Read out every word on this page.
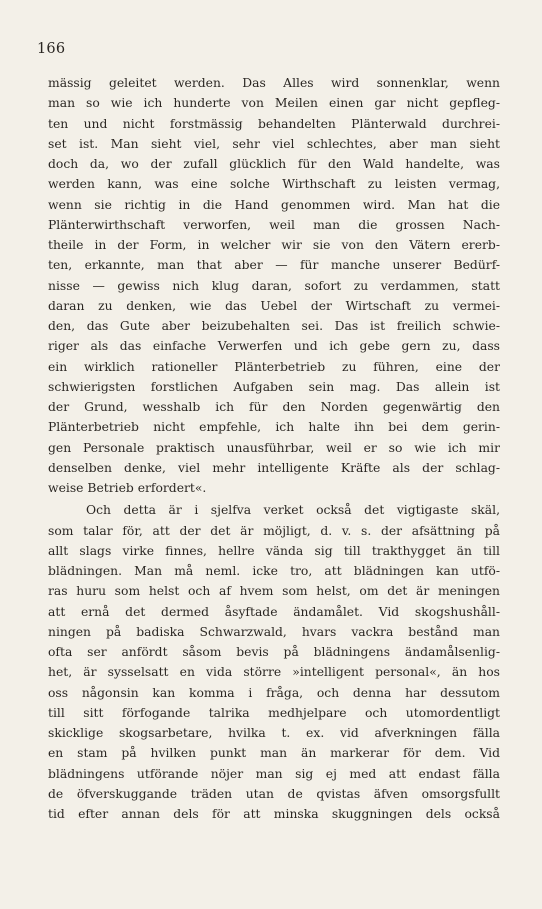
166
mässig geleitet werden. Das Alles wird sonnenklar, wenn
man so wie ich hunderte von Meilen einen gar nicht gepfleg-
ten und nicht forstmässig behandelten Plänterwald durchrei-
set ist. Man sieht viel, sehr viel schlechtes, aber man sieht
doch da, wo der zufall glücklich für den Wald handelte, was
werden kann, was eine solche Wirthschaft zu leisten vermag,
wenn sie richtig in die Hand genommen wird. Man hat die
Plänterwirthschaft verworfen, weil man die grossen Nach-
theile in der Form, in welcher wir sie von den Vätern ererb-
ten, erkannte, man that aber — für manche unserer Bedürf-
nisse — gewiss nich klug daran, sofort zu verdammen, statt
daran zu denken, wie das Uebel der Wirtschaft zu vermei-
den, das Gute aber beizubehalten sei. Das ist freilich schwie-
riger als das einfache Verwerfen und ich gebe gern zu, dass
ein wirklich rationeller Plänterbetrieb zu führen, eine der
schwierigsten forstlichen Aufgaben sein mag. Das allein ist
der Grund, wesshalb ich für den Norden gegenwärtig den
Plänterbetrieb nicht empfehle, ich halte ihn bei dem gerin-
gen Personale praktisch unausführbar, weil er so wie ich mir
denselben denke, viel mehr intelligente Kräfte als der schlag-
weise Betrieb erfordert«.
Och detta är i sjelfva verket också det vigtigaste skäl,
som talar för, att der det är möjligt, d. v. s. der afsättning på
allt slags virke finnes, hellre vända sig till trakthygget än till
blädningen. Man må neml. icke tro, att blädningen kan utfö-
ras huru som helst och af hvem som helst, om det är meningen
att ernå det dermed åsyftade ändamålet. Vid skogshushåll-
ningen på badiska Schwarzwald, hvars vackra bestånd man
ofta ser anfördt såsom bevis på blädningens ändamålsenlig-
het, är sysselsatt en vida större »intelligent personal«, än hos
oss någonsin kan komma i fråga, och denna har dessutom
till sitt förfogande talrika medhjelpare och utomordentligt
skicklige skogsarbetare, hvilka t. ex. vid afverkningen fälla
en stam på hvilken punkt man än markerar för dem. Vid
blädningens utförande nöjer man sig ej med att endast fälla
de öfverskuggande träden utan de qvistas äfven omsorgsfullt
tid efter annan dels för att minska skuggningen dels också
